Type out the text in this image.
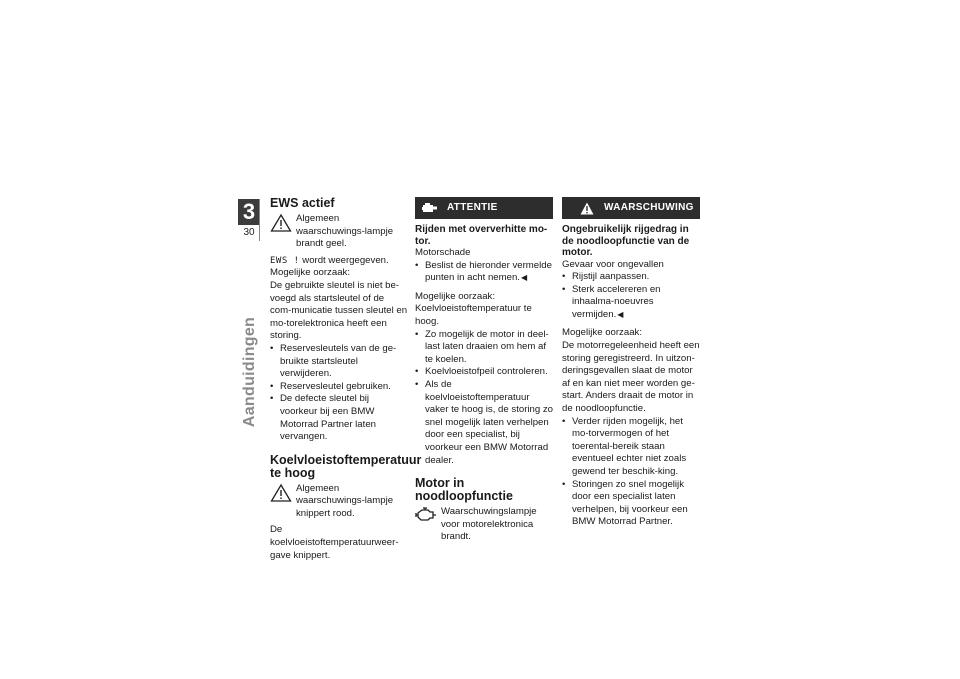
3
30
Aanduidingen
EWS actief
Algemeen waarschuwings-lampje brandt geel.

EWS ! wordt weergegeven.

Mogelijke oorzaak:

De gebruikte sleutel is niet be-voegd als startsleutel of de com-municatie tussen sleutel en mo-torelektronica heeft een storing.

• Reservesleutels van de ge-bruikte startsleutel verwijderen.
• Reservesleutel gebruiken.
• De defecte sleutel bij voorkeur bij een BMW Motorrad Partner laten vervangen.
Koelvloeistoftemperatuur te hoog
Algemeen waarschuwings-lampje knippert rood.

De koelvloeistoftemperatuurweer-gave knippert.

ATTENTIE
Rijden met oververhitte mo-tor.

Motorschade

• Beslist de hieronder vermelde punten in acht nemen.◀

Mogelijke oorzaak:

Koelvloeistoftemperatuur te hoog.

• Zo mogelijk de motor in deel-last laten draaien om hem af te koelen.
• Koelvloeistofpeil controleren.
• Als de koelvloeistoftemperatuur vaker te hoog is, de storing zo snel mogelijk laten verhelpen door een specialist, bij voorkeur een BMW Motorrad dealer.
Motor in noodloopfunctie
Waarschuwingslampje voor motorelektronica brandt.
WAARSCHUWING
Ongebruikelijk rijgedrag in de noodloopfunctie van de motor.

Gevaar voor ongevallen

• Rijstijl aanpassen.
• Sterk accelereren en inhaalma-noeuvres vermijden.◀

Mogelijke oorzaak:

De motorregeleenheid heeft een storing geregistreerd. In uitzon-deringsgevallen slaat de motor af en kan niet meer worden ge-start. Anders draait de motor in de noodloopfunctie.

• Verder rijden mogelijk, het mo-torvermogen of het toerental-bereik staan eventueel echter niet zoals gewend ter beschik-king.
• Storingen zo snel mogelijk door een specialist laten verhelpen, bij voorkeur een BMW Motorrad Partner.
